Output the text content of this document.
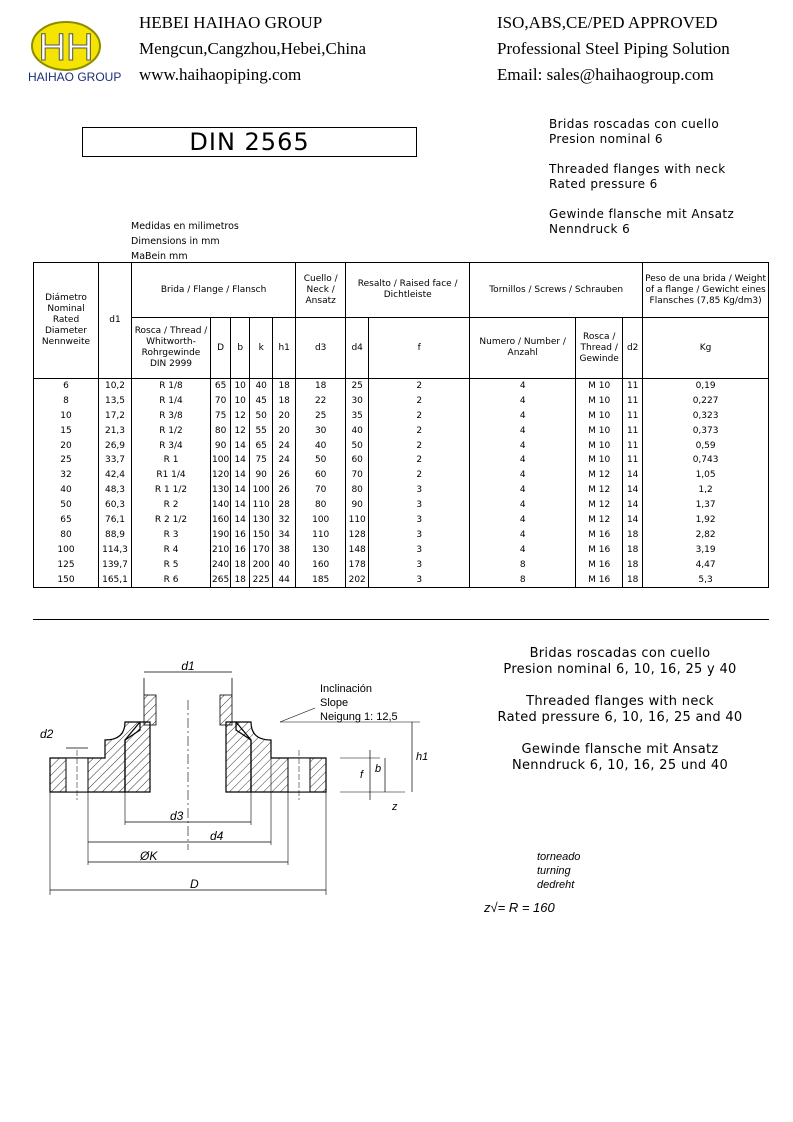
HH
HAIHAO GROUP
HEBEI HAIHAO GROUP
Mengcun,Cangzhou,Hebei,China
www.haihaopiping.com
ISO,ABS,CE/PED APPROVED
Professional Steel Piping Solution
Email: sales@haihaogroup.com
DIN 2565
Bridas roscadas con cuello
Presion nominal 6
Threaded flanges with neck
Rated pressure 6
Gewinde flansche mit Ansatz
Nenndruck 6
Medidas en milimetros
Dimensions in mm
MaBein mm
Diámetro Nominal Rated Diameter Nennweite	d1	Brida / Flange / Flansch					Cuello / Neck / Ansatz	Resalto / Raised face / Dichtleiste		Tornillos / Screws / Schrauben			Peso de una brida / Weight of a flange / Gewicht eines Flansches (7,85 Kg/dm3)
		Rosca / Thread / Whitworth-Rohrgewinde DIN 2999	D	b	k	h1	d3	d4	f	Numero / Number / Anzahl	Rosca / Thread / Gewinde	d2	Kg
6	10,2	R 1/8	65	10	40	18	18	25	2	4	M 10	11	0,19
8	13,5	R 1/4	70	10	45	18	22	30	2	4	M 10	11	0,227
10	17,2	R 3/8	75	12	50	20	25	35	2	4	M 10	11	0,323
15	21,3	R 1/2	80	12	55	20	30	40	2	4	M 10	11	0,373
20	26,9	R 3/4	90	14	65	24	40	50	2	4	M 10	11	0,59
25	33,7	R 1	100	14	75	24	50	60	2	4	M 10	11	0,743
32	42,4	R1 1/4	120	14	90	26	60	70	2	4	M 12	14	1,05
40	48,3	R 1 1/2	130	14	100	26	70	80	3	4	M 12	14	1,2
50	60,3	R 2	140	14	110	28	80	90	3	4	M 12	14	1,37
65	76,1	R 2 1/2	160	14	130	32	100	110	3	4	M 12	14	1,92
80	88,9	R 3	190	16	150	34	110	128	3	4	M 16	18	2,82
100	114,3	R 4	210	16	170	38	130	148	3	4	M 16	18	3,19
125	139,7	R 5	240	18	200	40	160	178	3	8	M 16	18	4,47
150	165,1	R 6	265	18	225	44	185	202	3	8	M 16	18	5,3
d1
d2
d3
d4
ØK
D
f b
h1
z
Inclinación
Slope
Neigung 1: 12,5
torneado
turning
dedreht
z√= R = 160
Bridas roscadas con cuello
Presion nominal 6, 10, 16, 25 y 40
Threaded flanges with neck
Rated pressure 6, 10, 16, 25 and 40
Gewinde flansche mit Ansatz
Nenndruck 6, 10, 16, 25 und 40
